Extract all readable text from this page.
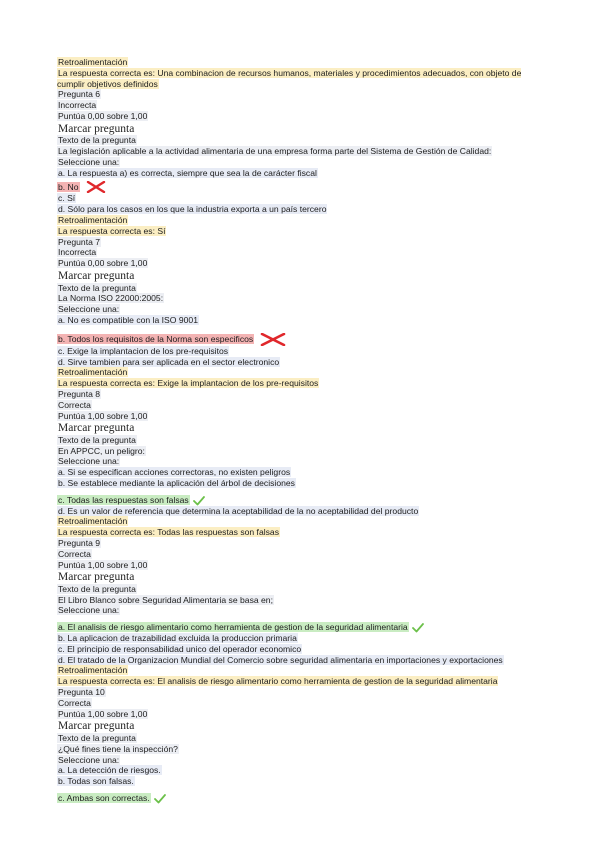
Retroalimentación
La respuesta correcta es: Una combinacion de recursos humanos, materiales y procedimientos adecuados, con objeto de cumplir objetivos definidos
Pregunta 6
Incorrecta
Puntúa 0,00 sobre 1,00
Marcar pregunta
Texto de la pregunta
La legislación aplicable a la actividad alimentaria de una empresa forma parte del Sistema de Gestión de Calidad:
Seleccione una:
a. La respuesta a) es correcta, siempre que sea la de carácter fiscal
b. No
c. Sí
d. Sólo para los casos en los que la industria exporta a un país tercero
Retroalimentación
La respuesta correcta es: Sí
Pregunta 7
Incorrecta
Puntúa 0,00 sobre 1,00
Marcar pregunta
Texto de la pregunta
La Norma ISO 22000:2005:
Seleccione una:
a. No es compatible con la ISO 9001
b. Todos los requisitos de la Norma son especificos
c. Exige la implantacion de los pre-requisitos
d. Sirve tambien para ser aplicada en el sector electronico
Retroalimentación
La respuesta correcta es: Exige la implantacion de los pre-requisitos
Pregunta 8
Correcta
Puntúa 1,00 sobre 1,00
Marcar pregunta
Texto de la pregunta
En APPCC, un peligro:
Seleccione una:
a. Si se especifican acciones correctoras, no existen peligros
b. Se establece mediante la aplicación del árbol de decisiones
c. Todas las respuestas son falsas
d. Es un valor de referencia que determina la aceptabilidad de la no aceptabilidad del producto
Retroalimentación
La respuesta correcta es: Todas las respuestas son falsas
Pregunta 9
Correcta
Puntúa 1,00 sobre 1,00
Marcar pregunta
Texto de la pregunta
El Libro Blanco sobre Seguridad Alimentaria se basa en;
Seleccione una:
a. El analisis de riesgo alimentario como herramienta de gestion de la seguridad alimentaria
b. La aplicacion de trazabilidad excluida la produccion primaria
c. El principio de responsabilidad unico del operador economico
d. El tratado de la Organizacion Mundial del Comercio sobre seguridad alimentaria en importaciones y exportaciones
Retroalimentación
La respuesta correcta es: El analisis de riesgo alimentario como herramienta de gestion de la seguridad alimentaria
Pregunta 10
Correcta
Puntúa 1,00 sobre 1,00
Marcar pregunta
Texto de la pregunta
¿Qué fines tiene la inspección?
Seleccione una:
a. La detección de riesgos.
b. Todas son falsas.
c. Ambas son correctas.
